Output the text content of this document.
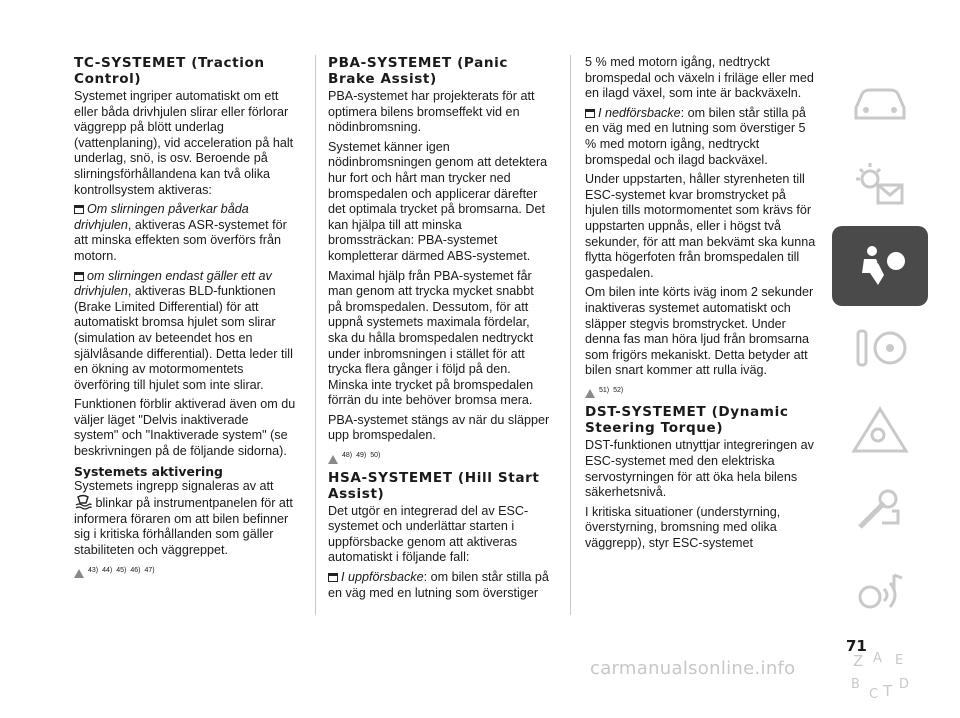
TC-SYSTEMET (Traction Control)

Systemet ingriper automatiskt om ett eller båda drivhjulen slirar eller förlorar väggrepp på blött underlag (vattenplaning), vid acceleration på halt underlag, snö, is osv. Beroende på slirningsförhållandena kan två olika kontrollsystem aktiveras:

Om slirningen påverkar båda drivhjulen, aktiveras ASR-systemet för att minska effekten som överförs från motorn.

om slirningen endast gäller ett av drivhjulen, aktiveras BLD-funktionen (Brake Limited Differential) för att automatiskt bromsa hjulet som slirar (simulation av beteendet hos en självlåsande differential). Detta leder till en ökning av motormomentets överföring till hjulet som inte slirar.

Funktionen förblir aktiverad även om du väljer läget "Delvis inaktiverade system" och "Inaktiverade system" (se beskrivningen på de följande sidorna).

Systemets aktivering

Systemets ingrepp signaleras av att
blinkar på instrumentpanelen för att informera föraren om att bilen befinner sig i kritiska förhållanden som gäller stabiliteten och väggreppet.

43) 44) 45) 46) 47)
PBA-SYSTEMET (Panic Brake Assist)

PBA-systemet har projekterats för att optimera bilens bromseffekt vid en nödinbromsning.

Systemet känner igen nödinbromsningen genom att detektera hur fort och hårt man trycker ned bromspedalen och applicerar därefter det optimala trycket på bromsarna. Det kan hjälpa till att minska bromssträckan: PBA-systemet kompletterar därmed ABS-systemet.

Maximal hjälp från PBA-systemet får man genom att trycka mycket snabbt på bromspedalen. Dessutom, för att uppnå systemets maximala fördelar, ska du hålla bromspedalen nedtryckt under inbromsningen i stället för att trycka flera gånger i följd på den. Minska inte trycket på bromspedalen förrän du inte behöver bromsa mera.

PBA-systemet stängs av när du släpper upp bromspedalen.

48) 49) 50)
HSA-SYSTEMET (Hill Start Assist)

Det utgör en integrerad del av ESC-systemet och underlättar starten i uppförsbacke genom att aktiveras automatiskt i följande fall:

I uppförsbacke: om bilen står stilla på en väg med en lutning som överstiger

5 % med motorn igång, nedtryckt bromspedal och växeln i friläge eller med en ilagd växel, som inte är backväxeln.

I nedförsbacke: om bilen står stilla på en väg med en lutning som överstiger 5 % med motorn igång, nedtryckt bromspedal och ilagd backväxel.

Under uppstarten, håller styrenheten till ESC-systemet kvar bromstrycket på hjulen tills motormomentet som krävs för uppstarten uppnås, eller i högst två sekunder, för att man bekvämt ska kunna flytta högerfoten från bromspedalen till gaspedalen.

Om bilen inte körts iväg inom 2 sekunder inaktiveras systemet automatiskt och släpper stegvis bromstrycket. Under denna fas man höra ljud från bromsarna som frigörs mekaniskt. Detta betyder att bilen snart kommer att rulla iväg.

51) 52)
DST-SYSTEMET (Dynamic Steering Torque)

DST-funktionen utnyttjar integreringen av ESC-systemet med den elektriska servostyrningen för att öka hela bilens säkerhetsnivå.

I kritiska situationer (understyrning, överstyrning, bromsning med olika väggrepp), styr ESC-systemet

Z A E
B
C T D
71
carmanualsonline.info
